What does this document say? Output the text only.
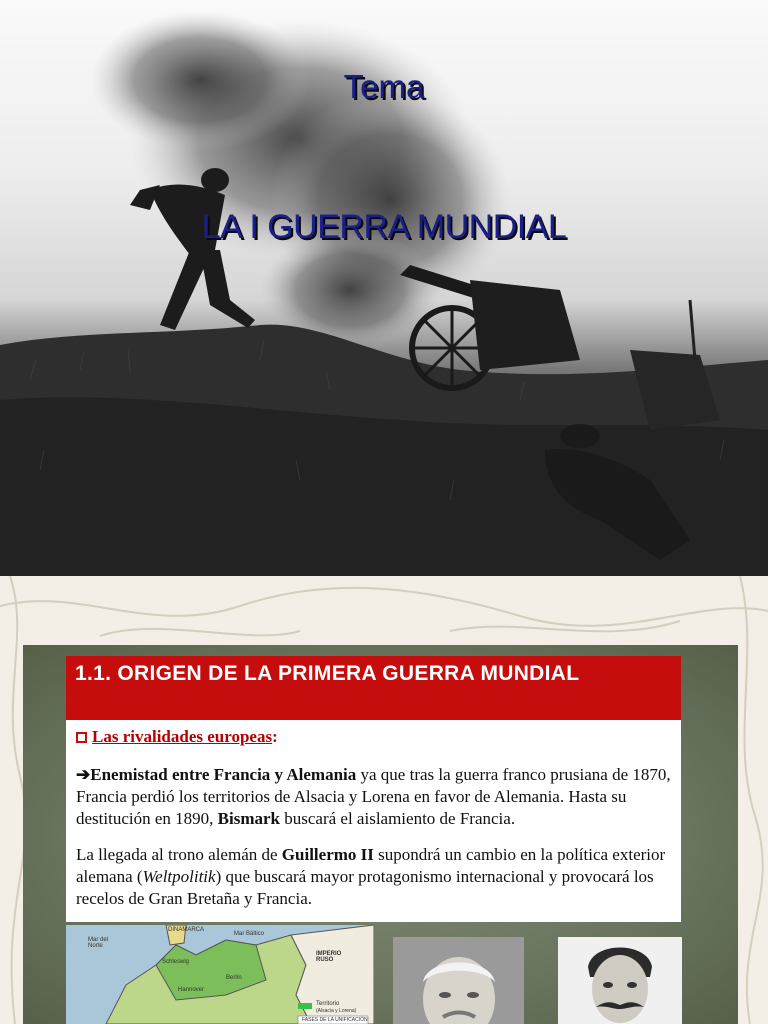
Tema
LA I GUERRA MUNDIAL
1.1. ORIGEN DE LA PRIMERA GUERRA MUNDIAL
Las rivalidades europeas :

➔Enemistad entre Francia y Alemania ya que tras la guerra franco prusiana de 1870, Francia perdió los territorios de Alsacia y Lorena en favor de Alemania. Hasta su destitución en 1890, Bismark buscará el aislamiento de Francia.

La llegada al trono alemán de Guillermo II supondrá un cambio en la política exterior alemana (Weltpolitik) que buscará mayor protagonismo internacional y provocará los recelos de Gran Bretaña y Francia.

DINAMARCA
Mar del Norte
Mar Báltico
IMPERIO RUSO
Schleswig
Hannover
Berlín
Territorio
(Alsacia y Lorena)
FASES DE LA UNIFICACIÓN
